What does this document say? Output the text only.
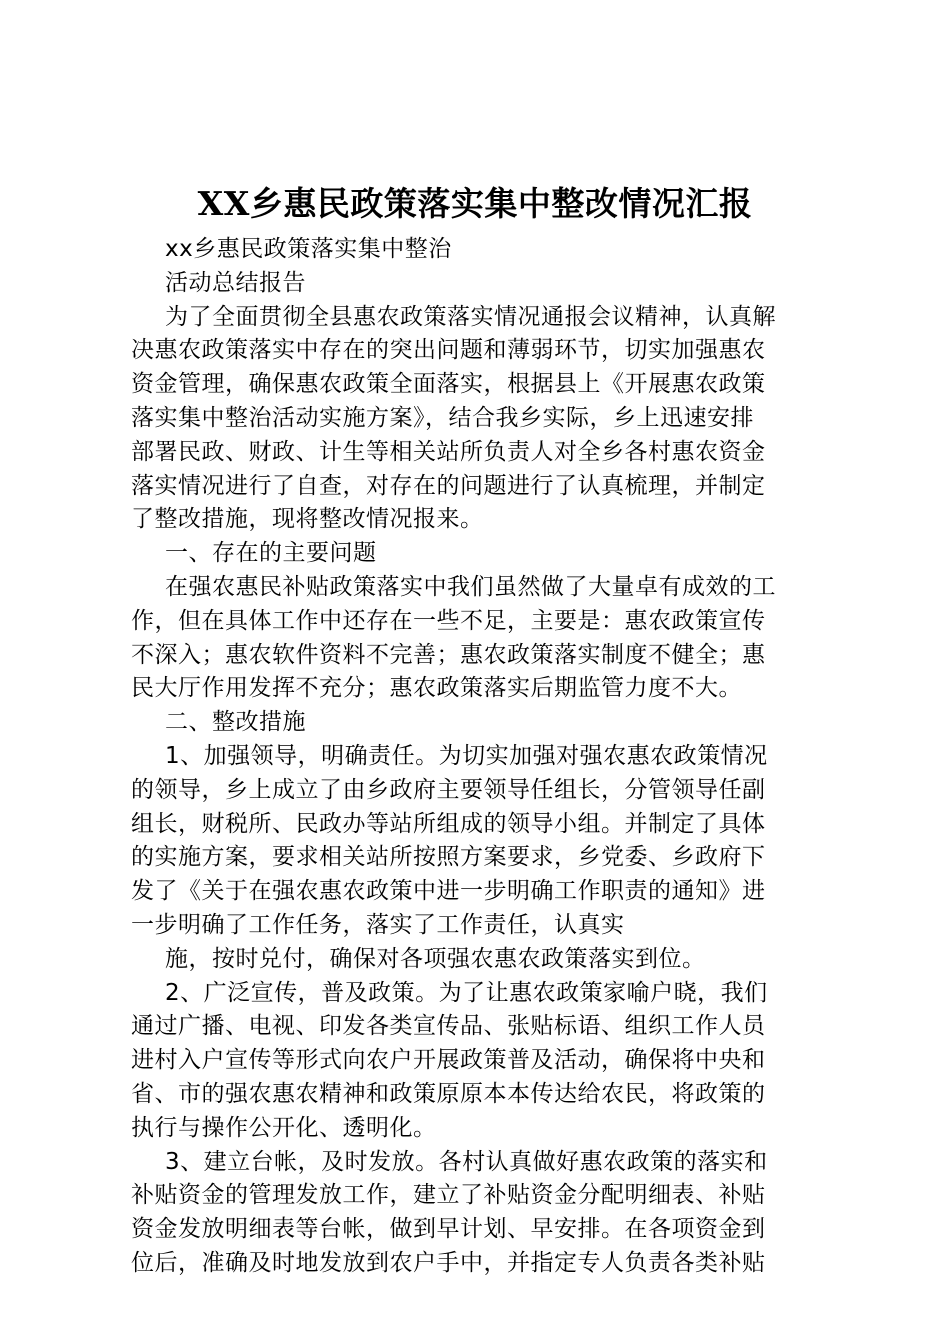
XX乡惠民政策落实集中整改情况汇报
xx乡惠民政策落实集中整治
活动总结报告
为了全面贯彻全县惠农政策落实情况通报会议精神，认真解
决惠农政策落实中存在的突出问题和薄弱环节，切实加强惠农
资金管理，确保惠农政策全面落实，根据县上《开展惠农政策
落实集中整治活动实施方案》，结合我乡实际，乡上迅速安排
部署民政、财政、计生等相关站所负责人对全乡各村惠农资金
落实情况进行了自查，对存在的问题进行了认真梳理，并制定
了整改措施，现将整改情况报来。
一、存在的主要问题
在强农惠民补贴政策落实中我们虽然做了大量卓有成效的工
作，但在具体工作中还存在一些不足，主要是：惠农政策宣传
不深入；惠农软件资料不完善；惠农政策落实制度不健全；惠
民大厅作用发挥不充分；惠农政策落实后期监管力度不大。
二、整改措施
1、加强领导，明确责任。为切实加强对强农惠农政策情况
的领导，乡上成立了由乡政府主要领导任组长，分管领导任副
组长，财税所、民政办等站所组成的领导小组。并制定了具体
的实施方案，要求相关站所按照方案要求，乡党委、乡政府下
发了《关于在强农惠农政策中进一步明确工作职责的通知》进
一步明确了工作任务，落实了工作责任，认真实
施，按时兑付，确保对各项强农惠农政策落实到位。
2、广泛宣传，普及政策。为了让惠农政策家喻户晓，我们
通过广播、电视、印发各类宣传品、张贴标语、组织工作人员
进村入户宣传等形式向农户开展政策普及活动，确保将中央和
省、市的强农惠农精神和政策原原本本传达给农民，将政策的
执行与操作公开化、透明化。
3、建立台帐，及时发放。各村认真做好惠农政策的落实和
补贴资金的管理发放工作，建立了补贴资金分配明细表、补贴
资金发放明细表等台帐，做到早计划、早安排。在各项资金到
位后，准确及时地发放到农户手中，并指定专人负责各类补贴
